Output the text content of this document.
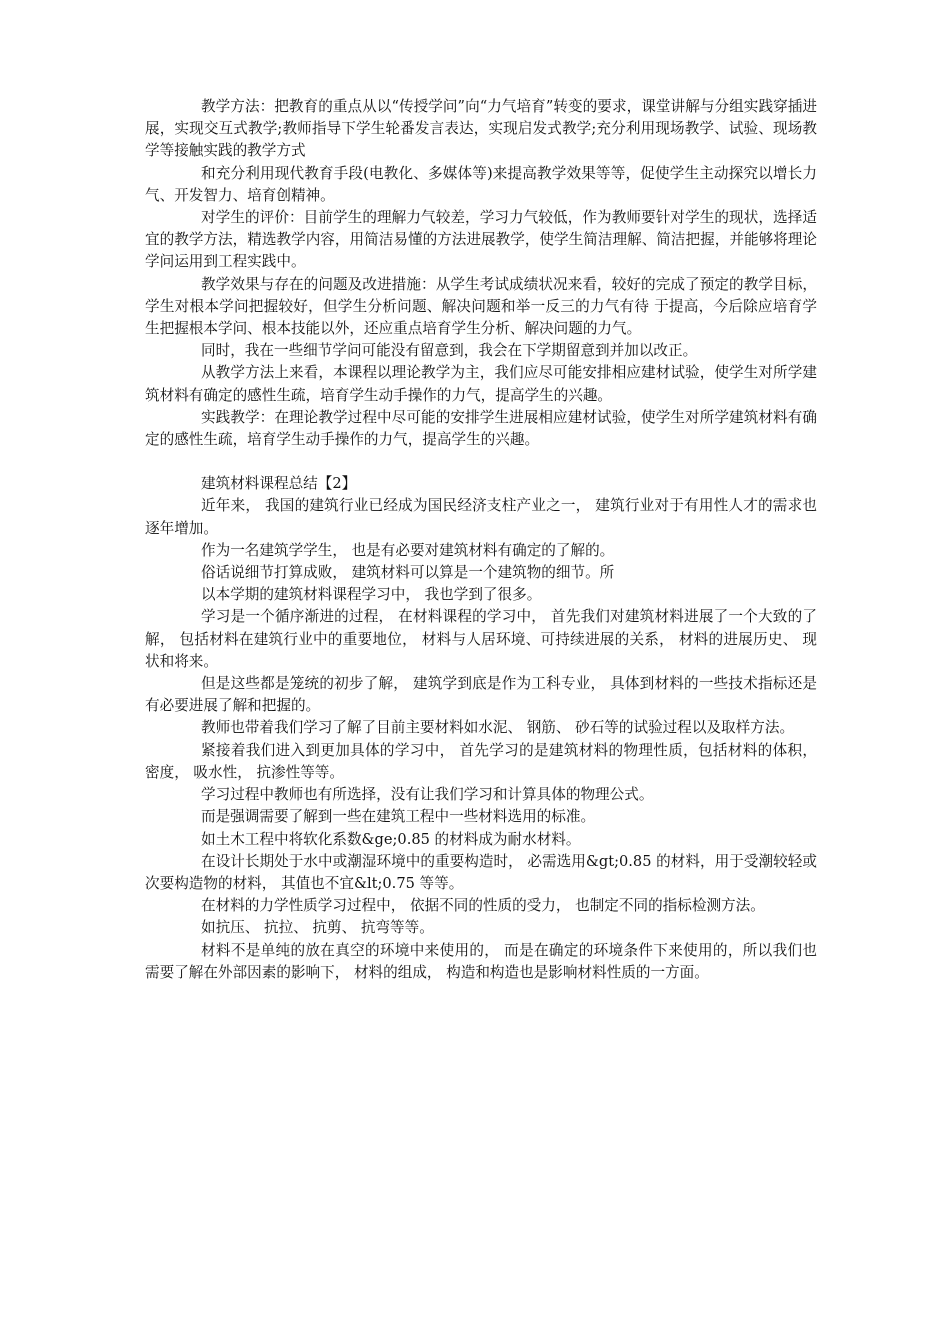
教学方法：把教育的重点从以“传授学问”向“力气培育”转变的要求，课堂讲解与分组实践穿插进展，实现交互式教学;教师指导下学生轮番发言表达，实现启发式教学;充分利用现场教学、试验、现场教学等接触实践的教学方式

和充分利用现代教育手段(电教化、多媒体等)来提高教学效果等等，促使学生主动探究以增长力气、开发智力、培育创精神。

对学生的评价：目前学生的理解力气较差，学习力气较低，作为教师要针对学生的现状，选择适宜的教学方法，精选教学内容，用简洁易懂的方法进展教学，使学生简洁理解、简洁把握，并能够将理论学问运用到工程实践中。

教学效果与存在的问题及改进措施：从学生考试成绩状况来看，较好的完成了预定的教学目标，学生对根本学问把握较好，但学生分析问题、解决问题和举一反三的力气有待 于提高，今后除应培育学生把握根本学问、根本技能以外，还应重点培育学生分析、解决问题的力气。

同时，我在一些细节学问可能没有留意到，我会在下学期留意到并加以改正。

从教学方法上来看，本课程以理论教学为主，我们应尽可能安排相应建材试验，使学生对所学建筑材料有确定的感性生疏，培育学生动手操作的力气，提高学生的兴趣。

实践教学：在理论教学过程中尽可能的安排学生进展相应建材试验，使学生对所学建筑材料有确定的感性生疏，培育学生动手操作的力气，提高学生的兴趣。

建筑材料课程总结【2】

近年来， 我国的建筑行业已经成为国民经济支柱产业之一， 建筑行业对于有用性人才的需求也逐年增加。

作为一名建筑学学生， 也是有必要对建筑材料有确定的了解的。

俗话说细节打算成败， 建筑材料可以算是一个建筑物的细节。所

以本学期的建筑材料课程学习中， 我也学到了很多。

学习是一个循序渐进的过程， 在材料课程的学习中， 首先我们对建筑材料进展了一个大致的了解， 包括材料在建筑行业中的重要地位， 材料与人居环境、可持续进展的关系， 材料的进展历史、 现状和将来。

但是这些都是笼统的初步了解， 建筑学到底是作为工科专业， 具体到材料的一些技术指标还是有必要进展了解和把握的。

教师也带着我们学习了解了目前主要材料如水泥、 钢筋、 砂石等的试验过程以及取样方法。

紧接着我们进入到更加具体的学习中， 首先学习的是建筑材料的物理性质，包括材料的体积， 密度， 吸水性， 抗渗性等等。

学习过程中教师也有所选择，没有让我们学习和计算具体的物理公式。

而是强调需要了解到一些在建筑工程中一些材料选用的标准。

如土木工程中将软化系数&ge;0.85 的材料成为耐水材料。

在设计长期处于水中或潮湿环境中的重要构造时， 必需选用&gt;0.85 的材料，用于受潮较轻或次要构造物的材料， 其值也不宜&lt;0.75 等等。

在材料的力学性质学习过程中， 依据不同的性质的受力， 也制定不同的指标检测方法。

如抗压、 抗拉、 抗剪、 抗弯等等。

材料不是单纯的放在真空的环境中来使用的， 而是在确定的环境条件下来使用的，所以我们也需要了解在外部因素的影响下， 材料的组成， 构造和构造也是影响材料性质的一方面。
